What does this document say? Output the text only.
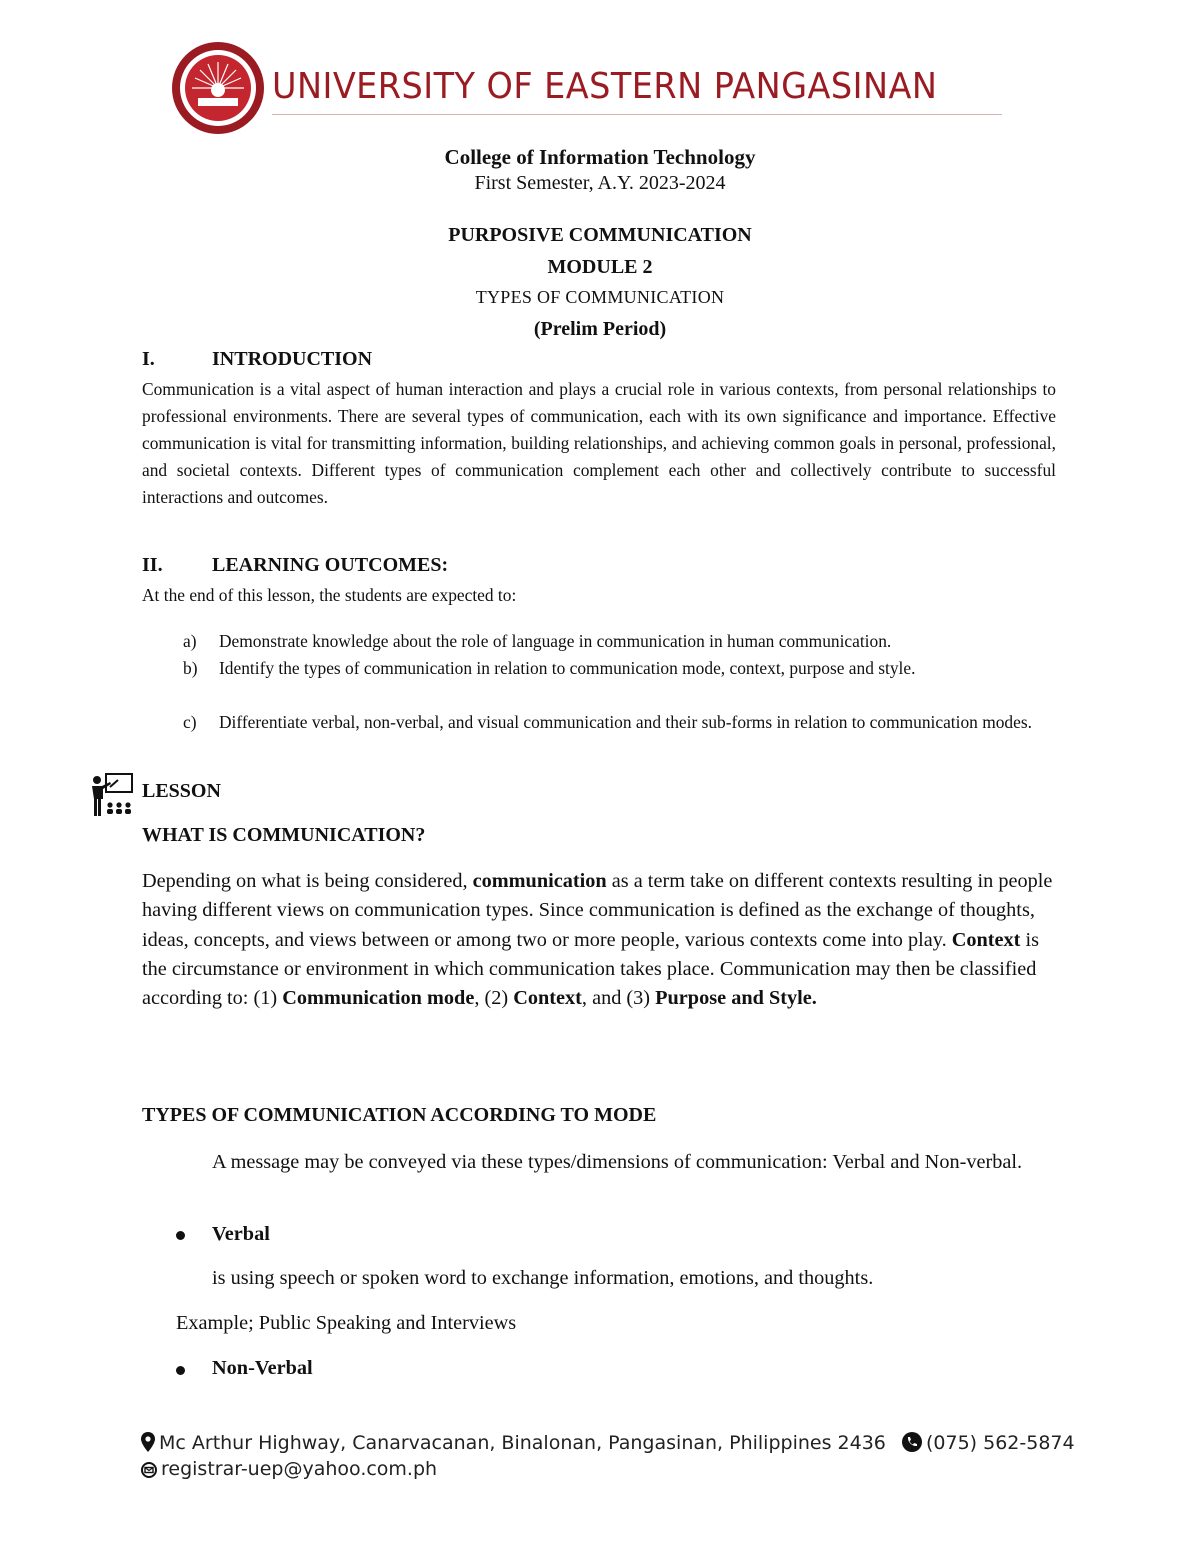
UNIVERSITY OF EASTERN PANGASINAN
College of Information Technology
First Semester, A.Y. 2023-2024
PURPOSIVE COMMUNICATION
MODULE 2
TYPES OF COMMUNICATION
(Prelim Period)
I.	INTRODUCTION
Communication is a vital aspect of human interaction and plays a crucial role in various contexts, from personal relationships to professional environments. There are several types of communication, each with its own significance and importance. Effective communication is vital for transmitting information, building relationships, and achieving common goals in personal, professional, and societal contexts. Different types of communication complement each other and collectively contribute to successful interactions and outcomes.
II. LEARNING OUTCOMES:
At the end of this lesson, the students are expected to:
a) Demonstrate knowledge about the role of language in communication in human communication.
b) Identify the types of communication in relation to communication mode, context, purpose and style.
c) Differentiate verbal, non-verbal, and visual communication and their sub-forms in relation to communication modes.
LESSON
WHAT IS COMMUNICATION?
Depending on what is being considered, communication as a term take on different contexts resulting in people having different views on communication types. Since communication is defined as the exchange of thoughts, ideas, concepts, and views between or among two or more people, various contexts come into play. Context is the circumstance or environment in which communication takes place. Communication may then be classified according to: (1) Communication mode, (2) Context, and (3) Purpose and Style.
TYPES OF COMMUNICATION ACCORDING TO MODE
A message may be conveyed via these types/dimensions of communication: Verbal and Non-verbal.
Verbal
is using speech or spoken word to exchange information, emotions, and thoughts.
Example; Public Speaking and Interviews
Non-Verbal
Mc Arthur Highway, Canarvacanan, Binalonan, Pangasinan, Philippines 2436	(075) 562-5874
registrar-uep@yahoo.com.ph
